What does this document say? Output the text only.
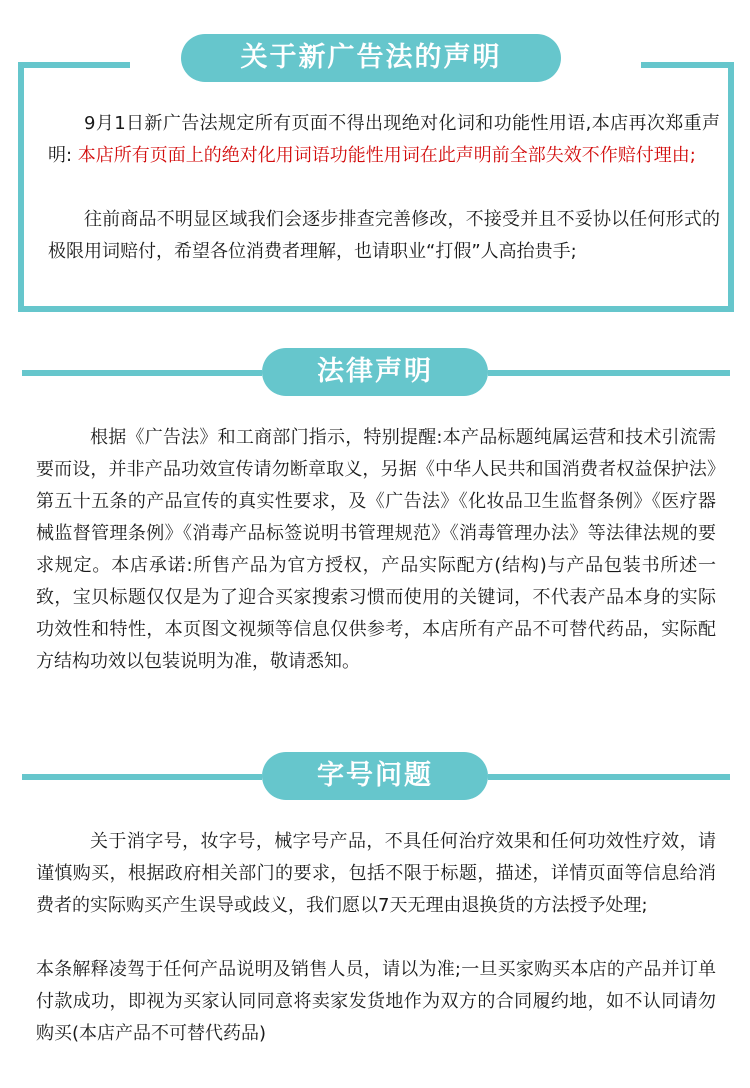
关于新广告法的声明
9月1日新广告法规定所有页面不得出现绝对化词和功能性用语,本店再次郑重声明: 本店所有页面上的绝对化用词语功能性用词在此声明前全部失效不作赔付理由;
往前商品不明显区域我们会逐步排查完善修改，不接受并且不妥协以任何形式的极限用词赔付，希望各位消费者理解，也请职业“打假”人高抬贵手;
法律声明
根据《广告法》和工商部门指示，特别提醒:本产品标题纯属运营和技术引流需要而设，并非产品功效宣传请勿断章取义，另据《中华人民共和国消费者权益保护法》第五十五条的产品宣传的真实性要求，及《广告法》《化妆品卫生监督条例》《医疗器械监督管理条例》《消毒产品标签说明书管理规范》《消毒管理办法》等法律法规的要求规定。本店承诺:所售产品为官方授权，产品实际配方(结构)与产品包装书所述一致，宝贝标题仅仅是为了迎合买家搜索习惯而使用的关键词，不代表产品本身的实际功效性和特性，本页图文视频等信息仅供参考，本店所有产品不可替代药品，实际配方结构功效以包装说明为准，敬请悉知。
字号问题
关于消字号，妆字号，械字号产品，不具任何治疗效果和任何功效性疗效，请谨慎购买，根据政府相关部门的要求，包括不限于标题，描述，详情页面等信息给消费者的实际购买产生误导或歧义，我们愿以7天无理由退换货的方法授予处理;
本条解释凌驾于任何产品说明及销售人员，请以为准;一旦买家购买本店的产品并订单付款成功，即视为买家认同同意将卖家发货地作为双方的合同履约地，如不认同请勿购买(本店产品不可替代药品)
